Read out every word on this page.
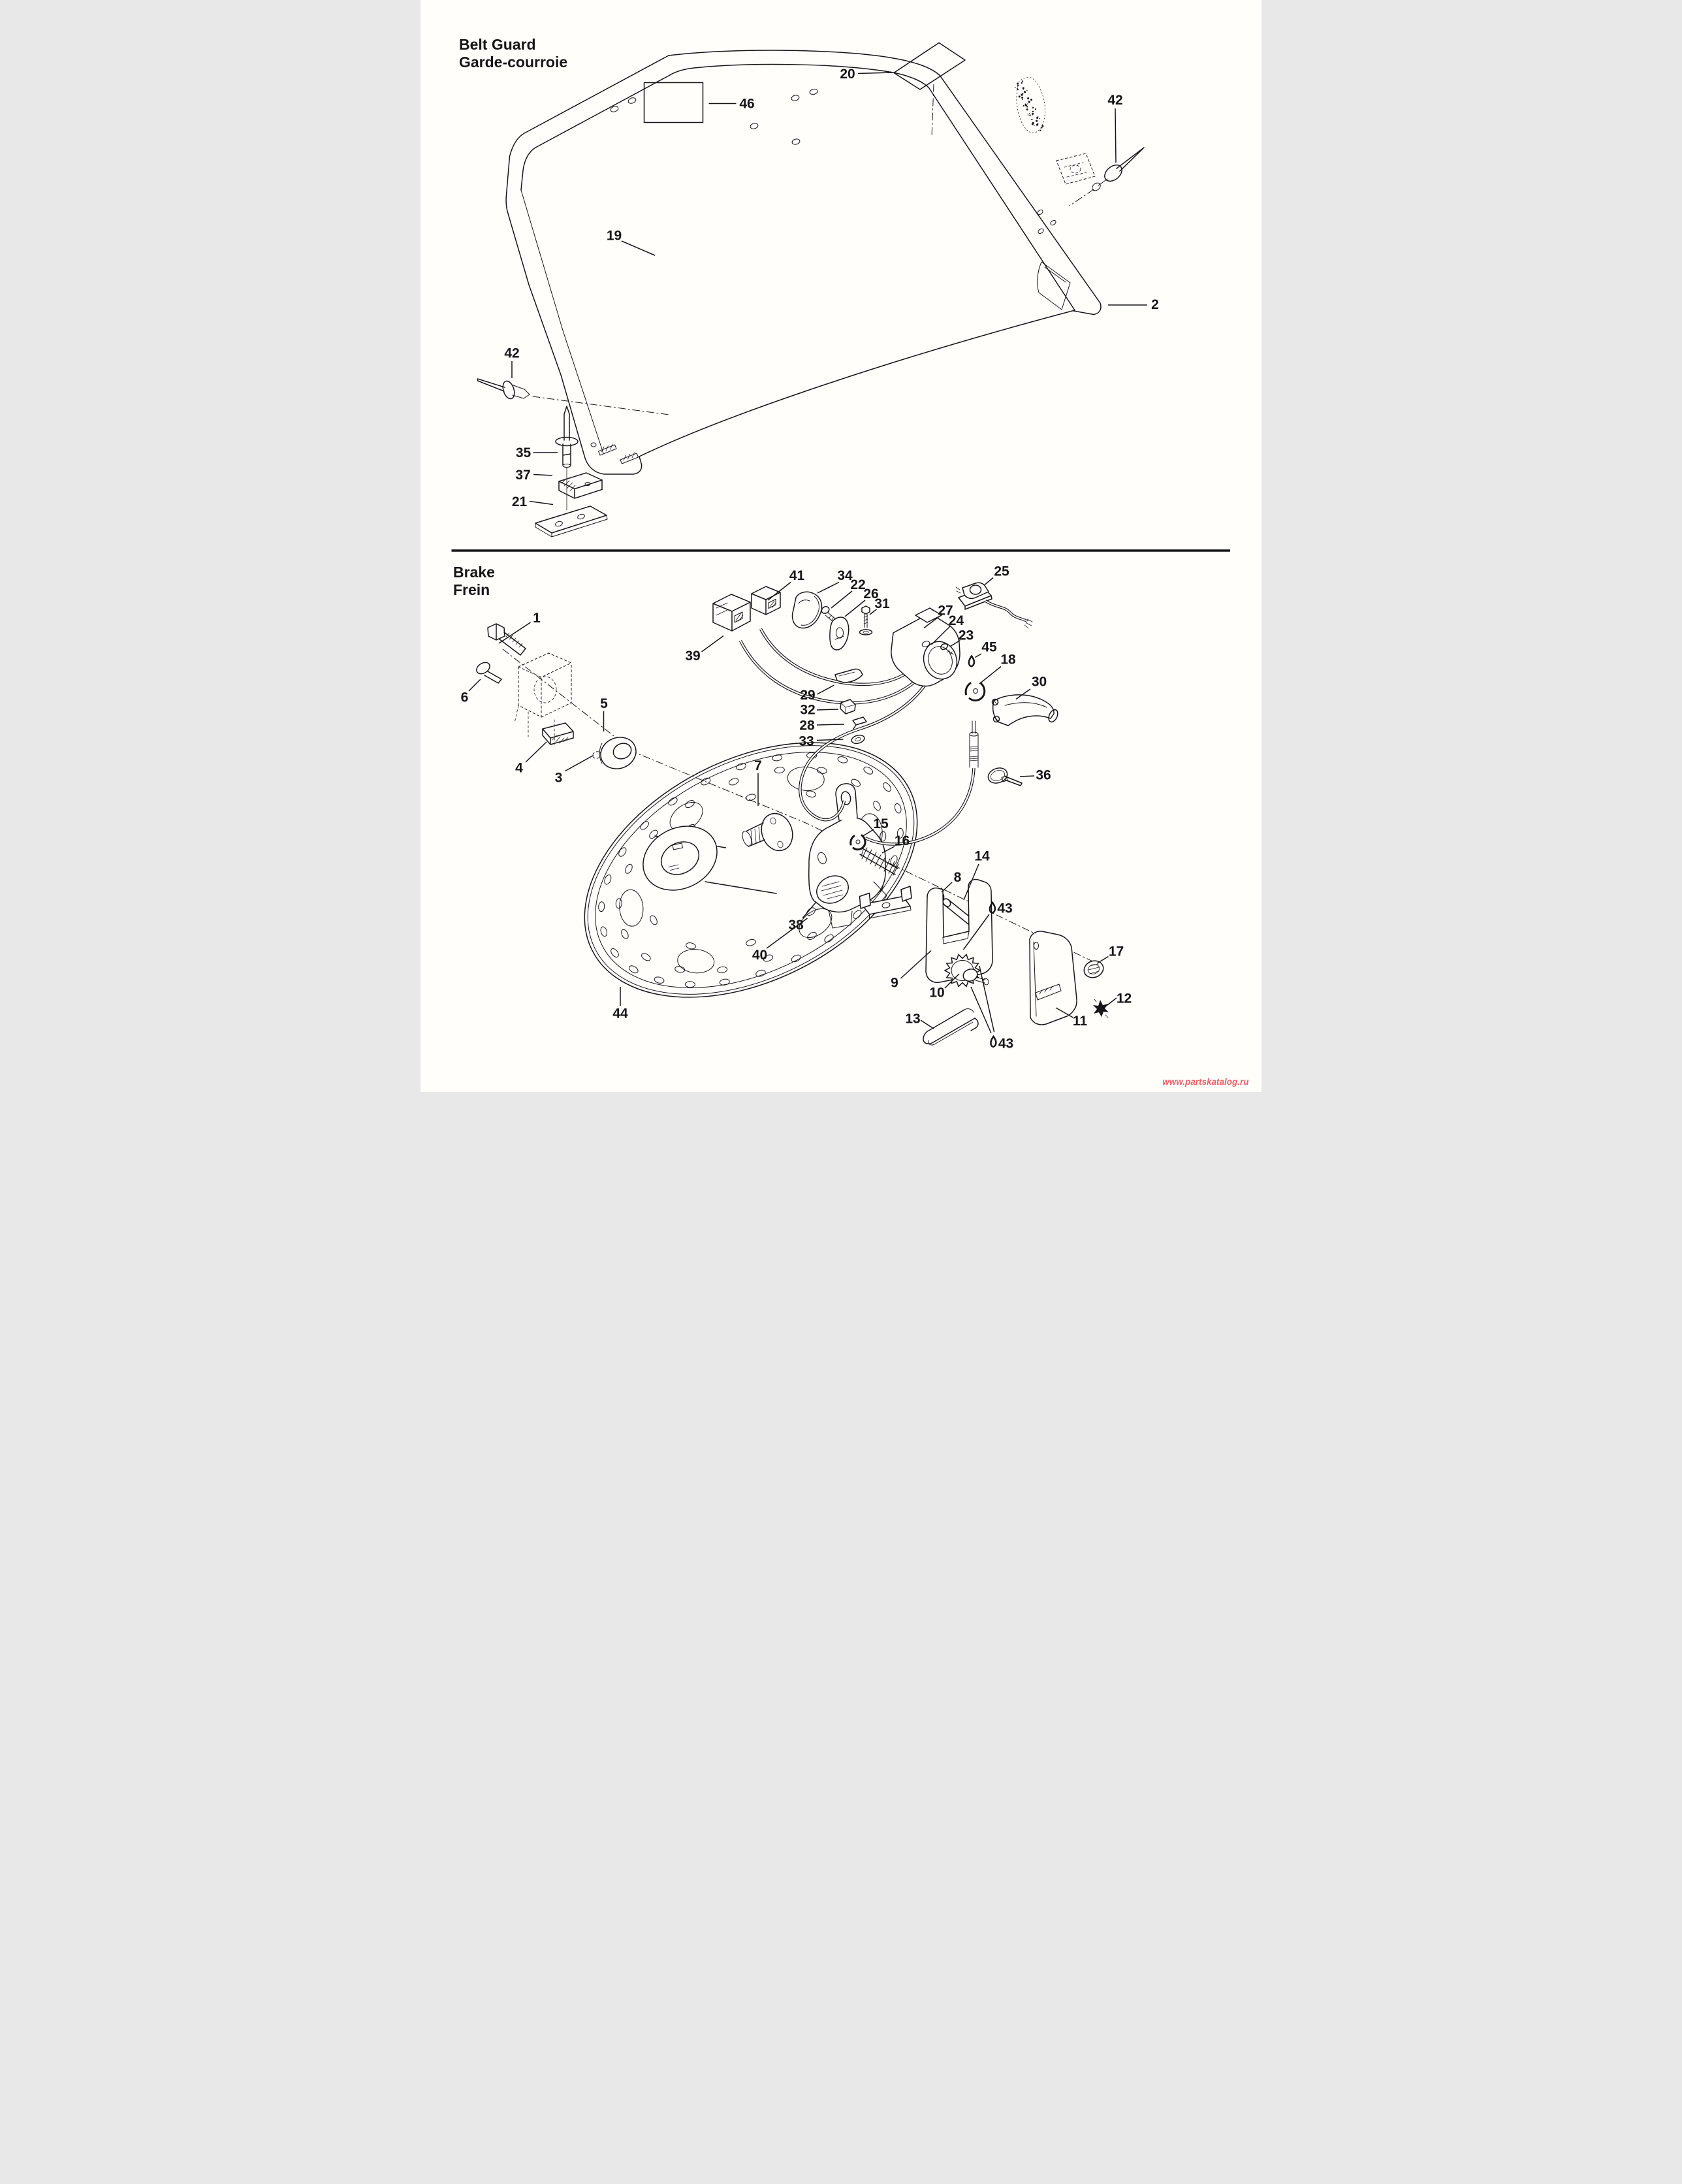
Belt Guard
Garde-courroie
Brake
Frein
46
20
42
19
2
42
35
37
21
1
6
39
41 34
22
26
31
25
27
24
23
45
18
30
36
29
32
28
33
7
5
4
3
15
16
14
8
43
38
40
9
10
17
12
11
13
43
44
www.partskatalog.ru
